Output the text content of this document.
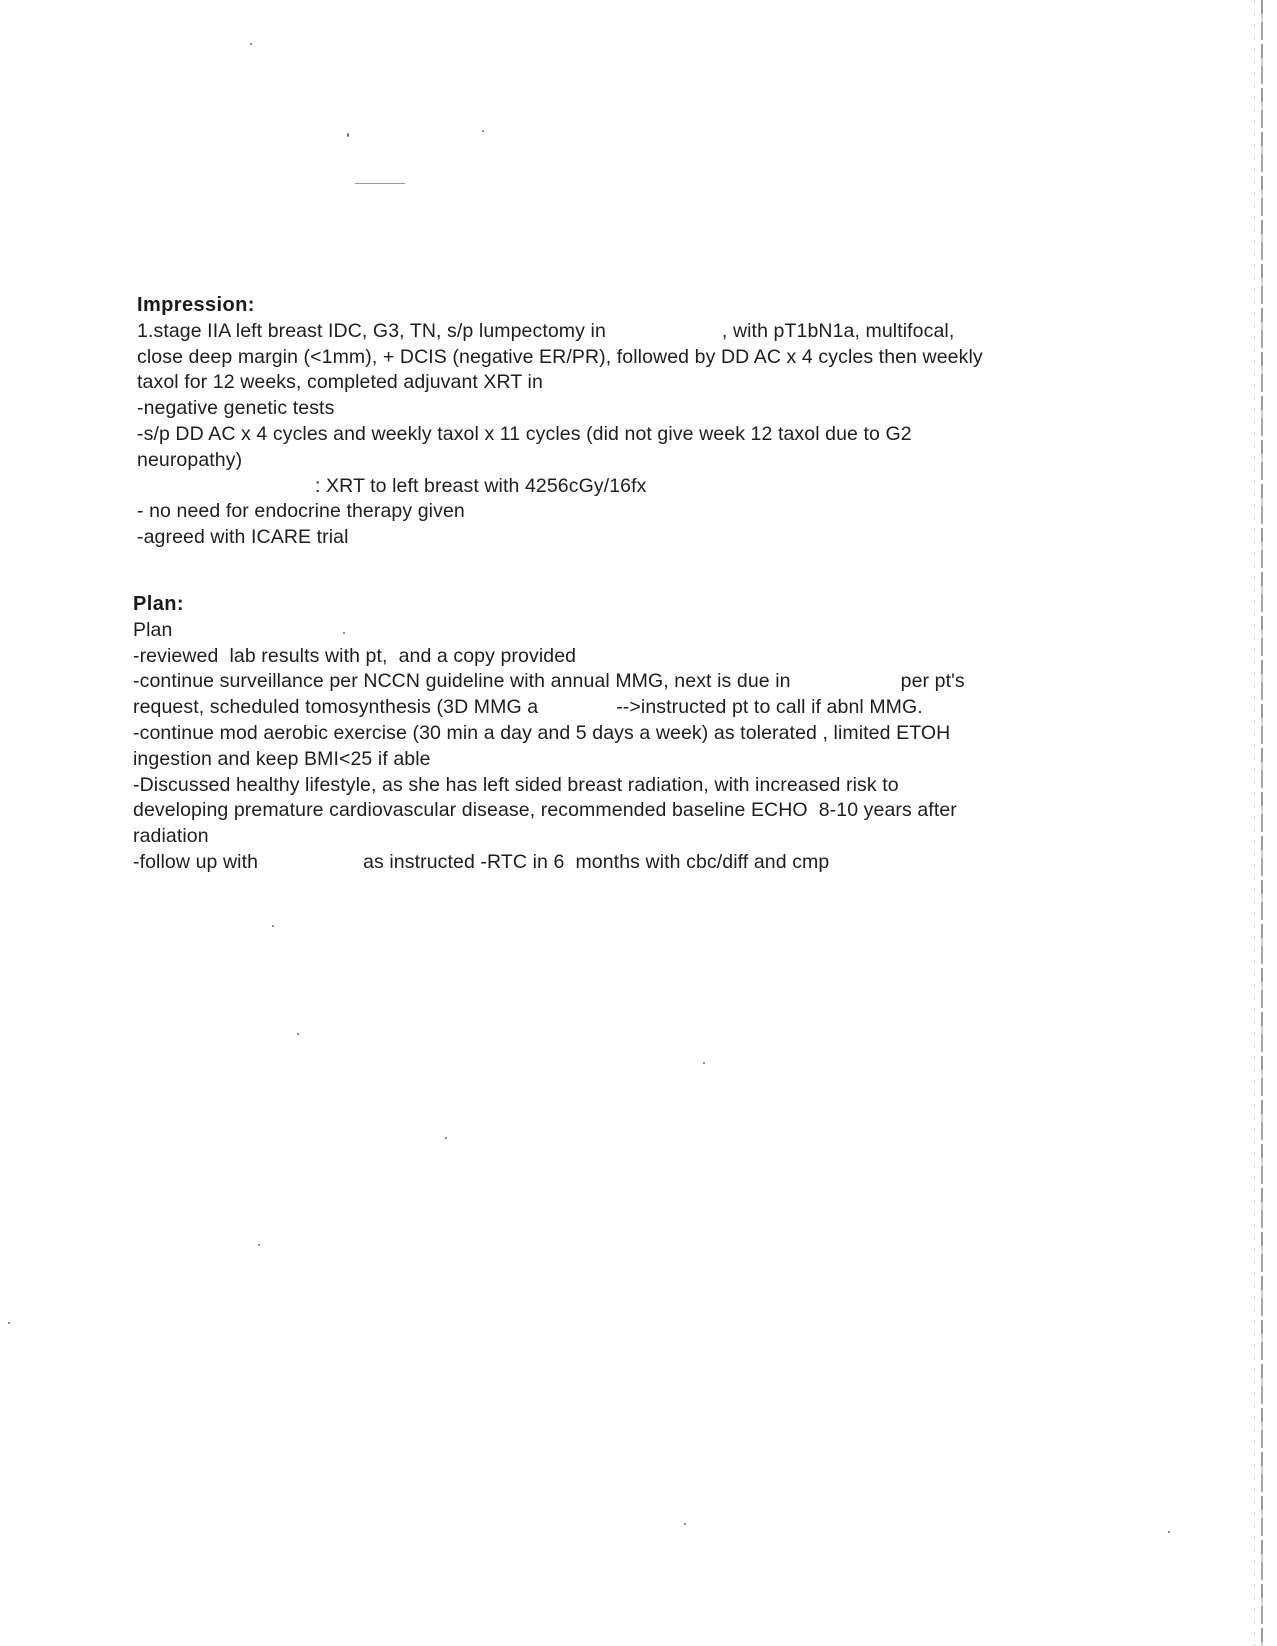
Impression:
1.stage IIA left breast IDC, G3, TN, s/p lumpectomy in	, with pT1bN1a, multifocal,
close deep margin (<1mm), + DCIS (negative ER/PR), followed by DD AC x 4 cycles then weekly
taxol for 12 weeks, completed adjuvant XRT in
-negative genetic tests
-s/p DD AC x 4 cycles and weekly taxol x 11 cycles (did not give week 12 taxol due to G2
neuropathy)
: XRT to left breast with 4256cGy/16fx
- no need for endocrine therapy given
-agreed with ICARE trial
Plan:
Plan
-reviewed  lab results with pt,  and a copy provided
-continue surveillance per NCCN guideline with annual MMG, next is due in	per pt's
request, scheduled tomosynthesis (3D MMG a	-->instructed pt to call if abnl MMG.
-continue mod aerobic exercise (30 min a day and 5 days a week) as tolerated , limited ETOH
ingestion and keep BMI<25 if able
-Discussed healthy lifestyle, as she has left sided breast radiation, with increased risk to
developing premature cardiovascular disease, recommended baseline ECHO  8-10 years after
radiation
-follow up with	as instructed -RTC in 6  months with cbc/diff and cmp
